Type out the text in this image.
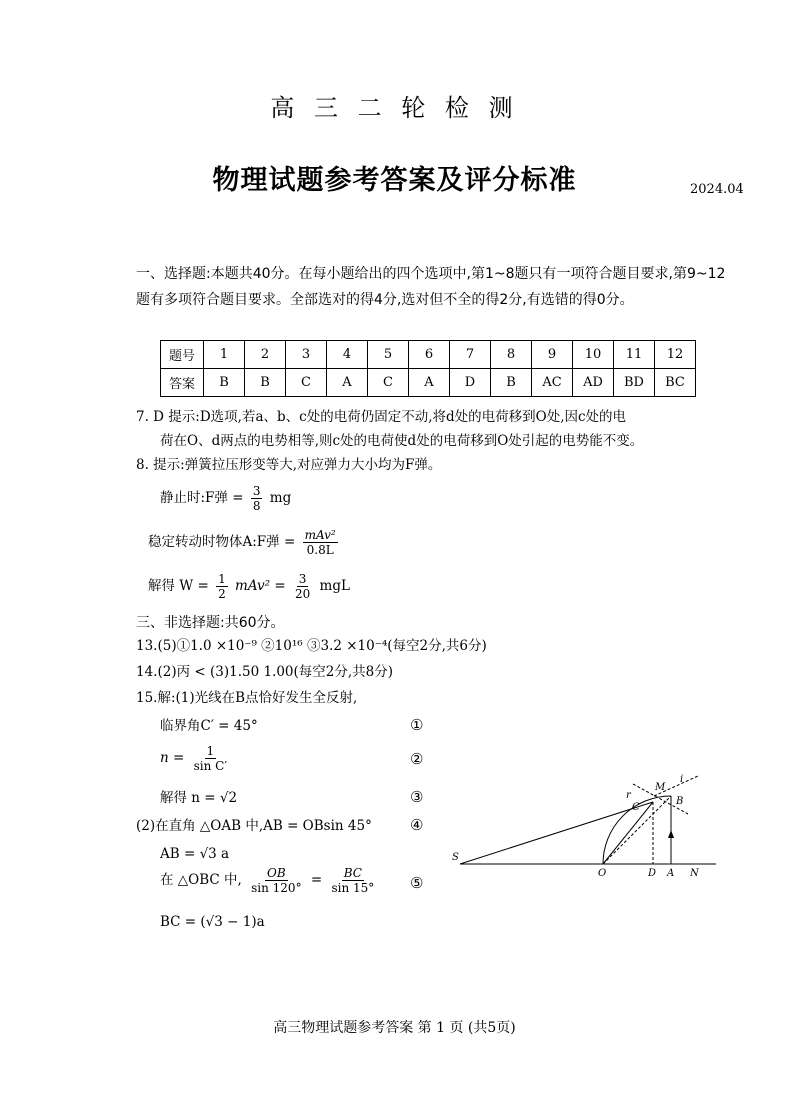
高 三 二 轮 检 测
物理试题参考答案及评分标准	2024.04
一、选择题:本题共40分。在每小题给出的四个选项中,第1~8题只有一项符合题目要求,第9~12题有多项符合题目要求。全部选对的得4分,选对但不全的得2分,有选错的得0分。
题号	1	2	3	4	5	6	7	8	9	10	11	12
答案	B	B	C	A	C	A	D	B	AC	AD	BD	BC
7. D 提示:D选项,若a、b、c处的电荷仍固定不动,将d处的电荷移到O处,因c处的电
荷在O、d两点的电势相等,则c处的电荷使d处的电荷移到O处引起的电势能不变。
8. 提示:弹簧拉压形变等大,对应弹力大小均为F弹。
静止时:F弹 = $\frac{3}{8}$ mg
稳定转动时物体A:F弹 = $\frac{\text{mAv²}}{0.8L}$
解得 $W = \frac{1}{2} mAv^2 = \frac{3}{20}$ mgL
三、非选择题:共60分。
13.(5)①1.0 ×10⁻⁹ ②10¹⁶ ③3.2 ×10⁻⁴(每空2分,共6分)
14.(2)丙 < (3)1.50 1.00(每空2分,共8分)
15.解:(1)光线在B点恰好发生全反射,
临界角C′ = 45°
$n = \frac{1}{\text{sin C′}}$
解得 n = √2
(2)在直角 △OAB 中,AB = OBsin 45°
AB = √3 a
在 △OBC 中, $\frac{OB}{\sin 120^\circ} = \frac{BC}{\sin 15^\circ}$
BC = (√3 − 1)a
①
②
③
④
⑤
S
O	D A N
M
C
B
r
i
高三物理试题参考答案 第 1 页 (共5页)
